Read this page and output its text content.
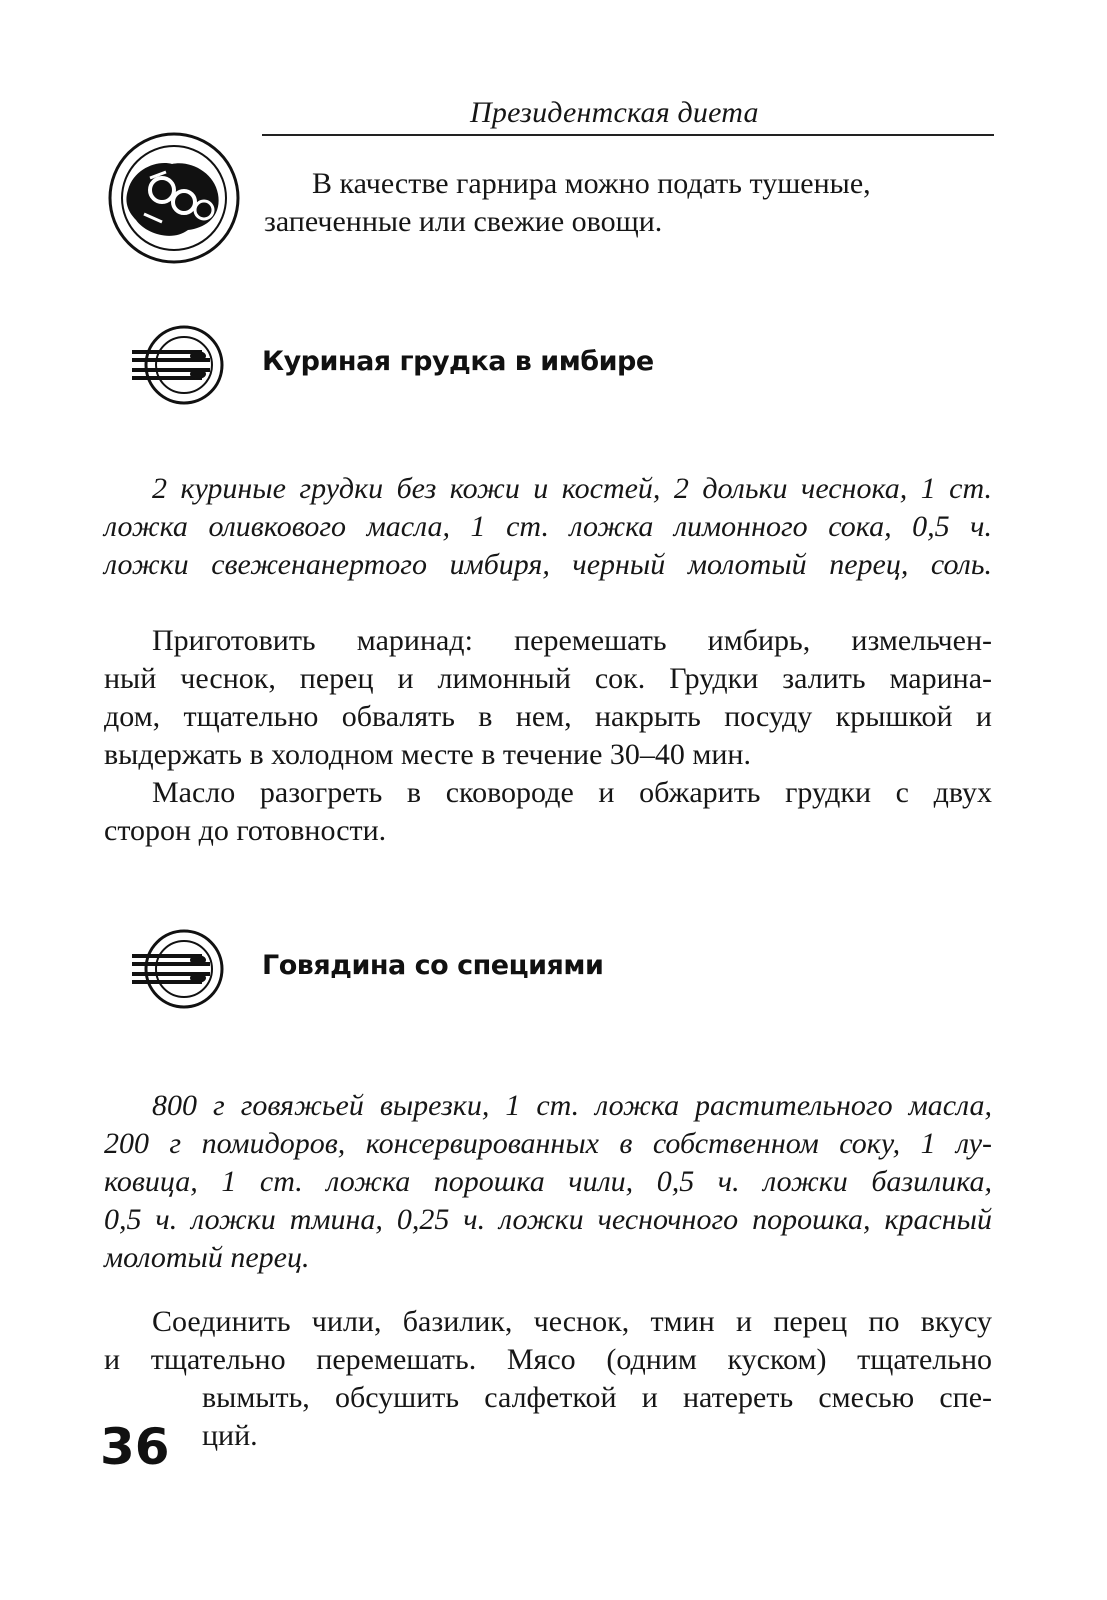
Президентская диета
В качестве гарнира можно подать тушеные,
запеченные или свежие овощи.
Куриная грудка в имбире
2 куриные грудки без кожи и костей, 2 дольки чеснока, 1 ст.
ложка оливкового масла, 1 ст. ложка лимонного сока, 0,5 ч.
ложки свеженанертого имбиря, черный молотый перец, соль.
Приготовить маринад: перемешать имбирь, измельчен-
ный чеснок, перец и лимонный сок. Грудки залить марина-
дом, тщательно обвалять в нем, накрыть посуду крышкой и
выдержать в холодном месте в течение 30–40 мин.
Масло разогреть в сковороде и обжарить грудки с двух
сторон до готовности.
Говядина со специями
800 г говяжьей вырезки, 1 ст. ложка растительного масла,
200 г помидоров, консервированных в собственном соку, 1 лу-
ковица, 1 ст. ложка порошка чили, 0,5 ч. ложки базилика,
0,5 ч. ложки тмина, 0,25 ч. ложки чесночного порошка, красный
молотый перец.
Соединить чили, базилик, чеснок, тмин и перец по вкусу
и тщательно перемешать. Мясо (одним куском) тщательно
вымыть, обсушить салфеткой и натереть смесью спе-
ций.
36
